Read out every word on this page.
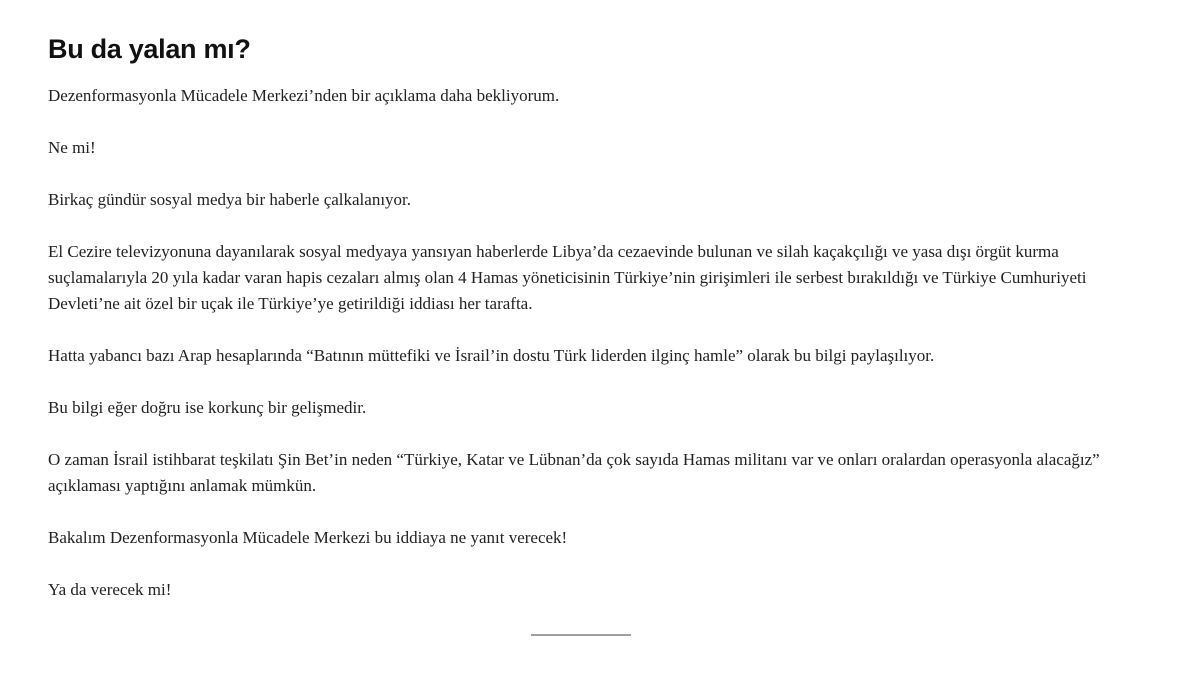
Bu da yalan mı?

Dezenformasyonla Mücadele Merkezi’nden bir açıklama daha bekliyorum.

Ne mi!

Birkaç gündür sosyal medya bir haberle çalkalanıyor.

El Cezire televizyonuna dayanılarak sosyal medyaya yansıyan haberlerde Libya’da cezaevinde bulunan ve silah kaçakçılığı ve yasa dışı örgüt kurma suçlamalarıyla 20 yıla kadar varan hapis cezaları almış olan 4 Hamas yöneticisinin Türkiye’nin girişimleri ile serbest bırakıldığı ve Türkiye Cumhuriyeti Devleti’ne ait özel bir uçak ile Türkiye’ye getirildiği iddiası her tarafta.

Hatta yabancı bazı Arap hesaplarında “Batının müttefiki ve İsrail’in dostu Türk liderden ilginç hamle” olarak bu bilgi paylaşılıyor.

Bu bilgi eğer doğru ise korkunç bir gelişmedir.

O zaman İsrail istihbarat teşkilatı Şin Bet’in neden “Türkiye, Katar ve Lübnan’da çok sayıda Hamas militanı var ve onları oralardan operasyonla alacağız” açıklaması yaptığını anlamak mümkün.

Bakalım Dezenformasyonla Mücadele Merkezi bu iddiaya ne yanıt verecek!

Ya da verecek mi!
